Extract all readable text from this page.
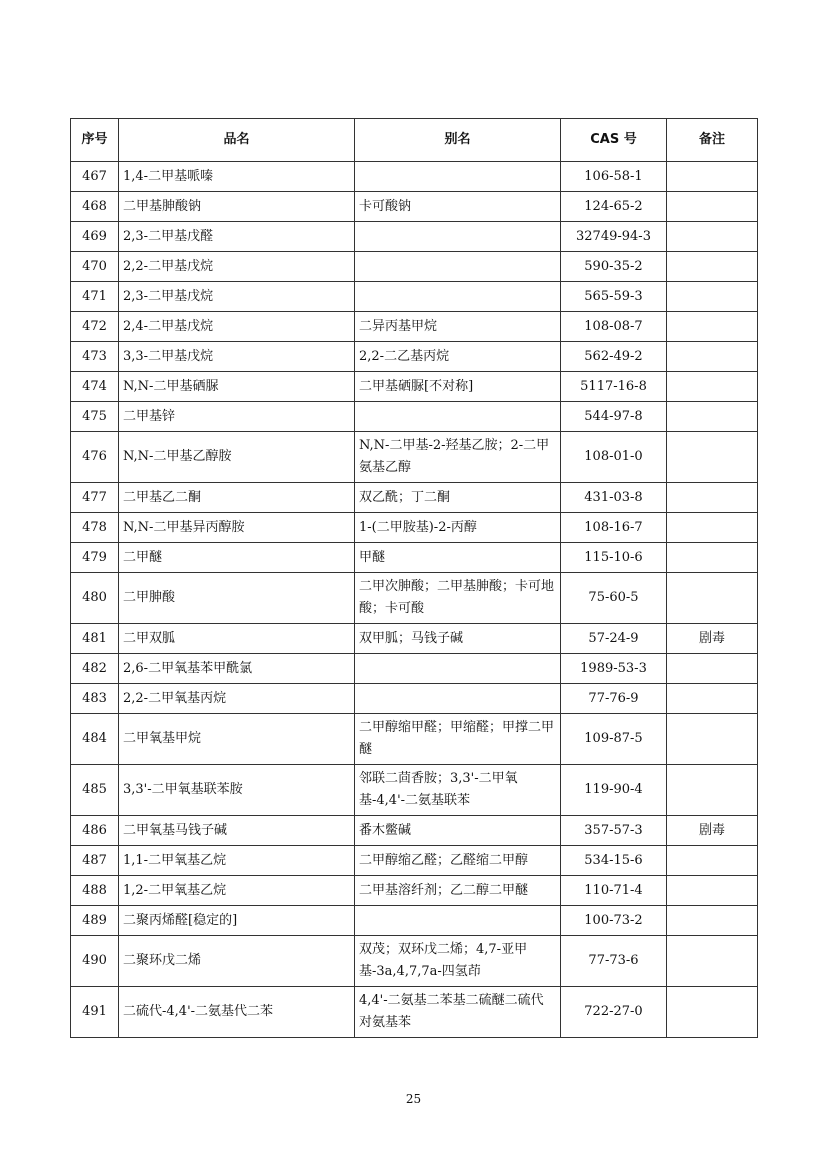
序号	品名	别名	CAS 号	备注
467	1,4-二甲基哌嗪		106-58-1	
468	二甲基胂酸钠	卡可酸钠	124-65-2	
469	2,3-二甲基戊醛		32749-94-3	
470	2,2-二甲基戊烷		590-35-2	
471	2,3-二甲基戊烷		565-59-3	
472	2,4-二甲基戊烷	二异丙基甲烷	108-08-7	
473	3,3-二甲基戊烷	2,2-二乙基丙烷	562-49-2	
474	N,N-二甲基硒脲	二甲基硒脲[不对称]	5117-16-8	
475	二甲基锌		544-97-8	
476	N,N-二甲基乙醇胺	N,N-二甲基-2-羟基乙胺；2-二甲氨基乙醇	108-01-0	
477	二甲基乙二酮	双乙酰；丁二酮	431-03-8	
478	N,N-二甲基异丙醇胺	1-(二甲胺基)-2-丙醇	108-16-7	
479	二甲醚	甲醚	115-10-6	
480	二甲胂酸	二甲次胂酸；二甲基胂酸；卡可地酸；卡可酸	75-60-5	
481	二甲双胍	双甲胍；马钱子碱	57-24-9	剧毒
482	2,6-二甲氧基苯甲酰氯		1989-53-3	
483	2,2-二甲氧基丙烷		77-76-9	
484	二甲氧基甲烷	二甲醇缩甲醛；甲缩醛；甲撑二甲醚	109-87-5	
485	3,3'-二甲氧基联苯胺	邻联二茴香胺；3,3'-二甲氧基-4,4'-二氨基联苯	119-90-4	
486	二甲氧基马钱子碱	番木鳖碱	357-57-3	剧毒
487	1,1-二甲氧基乙烷	二甲醇缩乙醛；乙醛缩二甲醇	534-15-6	
488	1,2-二甲氧基乙烷	二甲基溶纤剂；乙二醇二甲醚	110-71-4	
489	二聚丙烯醛[稳定的]		100-73-2	
490	二聚环戊二烯	双茂；双环戊二烯；4,7-亚甲基-3a,4,7,7a-四氢茚	77-73-6	
491	二硫代-4,4'-二氨基代二苯	4,4'-二氨基二苯基二硫醚二硫代对氨基苯	722-27-0	
25
